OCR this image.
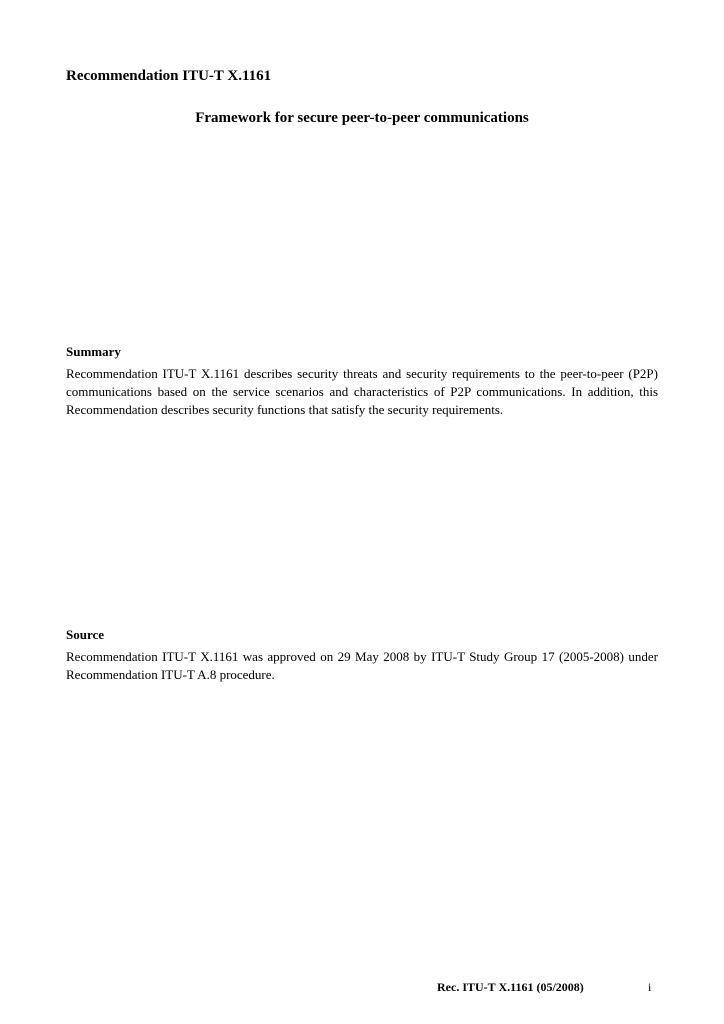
Recommendation ITU-T X.1161
Framework for secure peer-to-peer communications
Summary

Recommendation ITU-T X.1161 describes security threats and security requirements to the peer-to-peer (P2P) communications based on the service scenarios and characteristics of P2P communications. In addition, this Recommendation describes security functions that satisfy the security requirements.

Source

Recommendation ITU-T X.1161 was approved on 29 May 2008 by ITU-T Study Group 17 (2005-2008) under Recommendation ITU-T A.8 procedure.

Rec. ITU-T X.1161 (05/2008)	i
